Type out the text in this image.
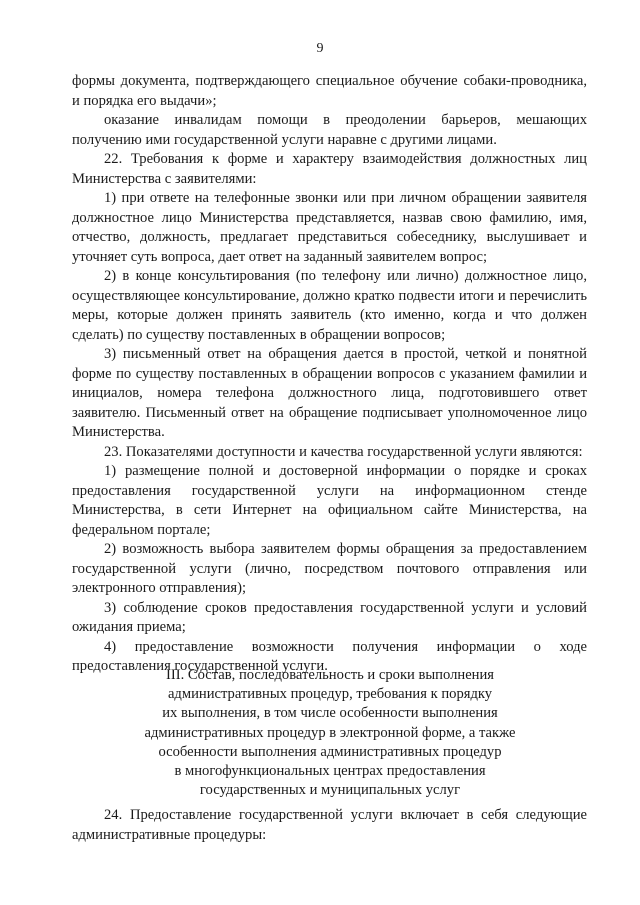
9

формы документа, подтверждающего специальное обучение собаки-проводника, и порядка его выдачи»;

оказание инвалидам помощи в преодолении барьеров, мешающих получению ими государственной услуги наравне с другими лицами.

22. Требования к форме и характеру взаимодействия должностных лиц Министерства с заявителями:

1) при ответе на телефонные звонки или при личном обращении заявителя должностное лицо Министерства представляется, назвав свою фамилию, имя, отчество, должность, предлагает представиться собеседнику, выслушивает и уточняет суть вопроса, дает ответ на заданный заявителем вопрос;

2) в конце консультирования (по телефону или лично) должностное лицо, осуществляющее консультирование, должно кратко подвести итоги и перечислить меры, которые должен принять заявитель (кто именно, когда и что должен сделать) по существу поставленных в обращении вопросов;

3) письменный ответ на обращения дается в простой, четкой и понятной форме по существу поставленных в обращении вопросов с указанием фамилии и инициалов, номера телефона должностного лица, подготовившего ответ заявителю. Письменный ответ на обращение подписывает уполномоченное лицо Министерства.

23. Показателями доступности и качества государственной услуги являются:

1) размещение полной и достоверной информации о порядке и сроках предоставления государственной услуги на информационном стенде Министерства, в сети Интернет на официальном сайте Министерства, на федеральном портале;

2) возможность выбора заявителем формы обращения за предоставлением государственной услуги (лично, посредством почтового отправления или электронного отправления);

3) соблюдение сроков предоставления государственной услуги и условий ожидания приема;

4) предоставление возможности получения информации о ходе предоставления государственной услуги.

III. Состав, последовательность и сроки выполнения

административных процедур, требования к порядку

их выполнения, в том числе особенности выполнения

административных процедур в электронной форме, а также

особенности выполнения административных процедур

в многофункциональных центрах предоставления

государственных и муниципальных услуг

24. Предоставление государственной услуги включает в себя следующие административные процедуры:
